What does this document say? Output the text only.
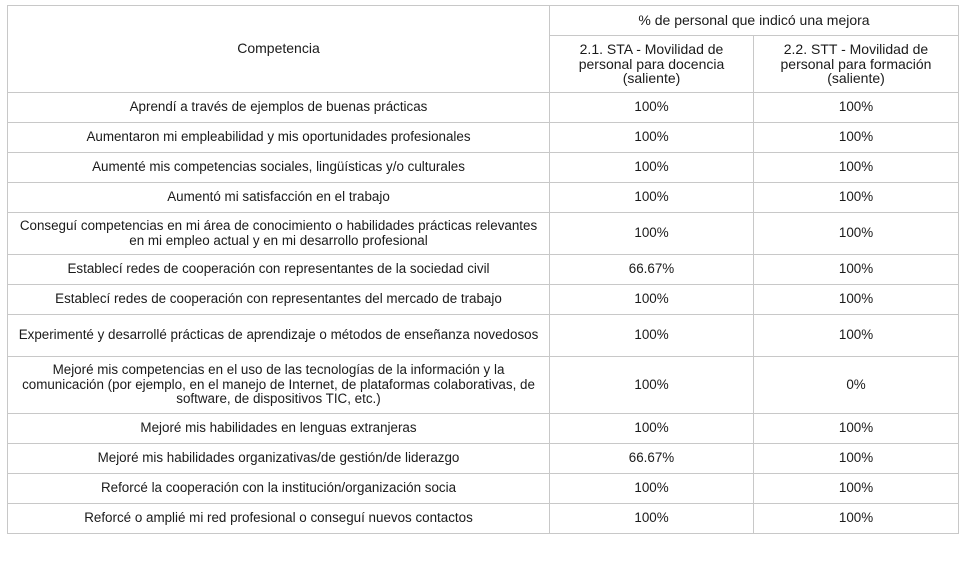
Competencia	% de personal que indicó una mejora	
	2.1. STA - Movilidad de personal para docencia (saliente)	2.2. STT - Movilidad de personal para formación (saliente)
Aprendí a través de ejemplos de buenas prácticas	100%	100%
Aumentaron mi empleabilidad y mis oportunidades profesionales	100%	100%
Aumenté mis competencias sociales, lingüísticas y/o culturales	100%	100%
Aumentó mi satisfacción en el trabajo	100%	100%
Conseguí competencias en mi área de conocimiento o habilidades prácticas relevantes en mi empleo actual y en mi desarrollo profesional	100%	100%
Establecí redes de cooperación con representantes de la sociedad civil	66.67%	100%
Establecí redes de cooperación con representantes del mercado de trabajo	100%	100%
Experimenté y desarrollé prácticas de aprendizaje o métodos de enseñanza novedosos	100%	100%
Mejoré mis competencias en el uso de las tecnologías de la información y la comunicación (por ejemplo, en el manejo de Internet, de plataformas colaborativas, de software, de dispositivos TIC, etc.)	100%	0%
Mejoré mis habilidades en lenguas extranjeras	100%	100%
Mejoré mis habilidades organizativas/de gestión/de liderazgo	66.67%	100%
Reforcé la cooperación con la institución/organización socia	100%	100%
Reforcé o amplié mi red profesional o conseguí nuevos contactos	100%	100%
